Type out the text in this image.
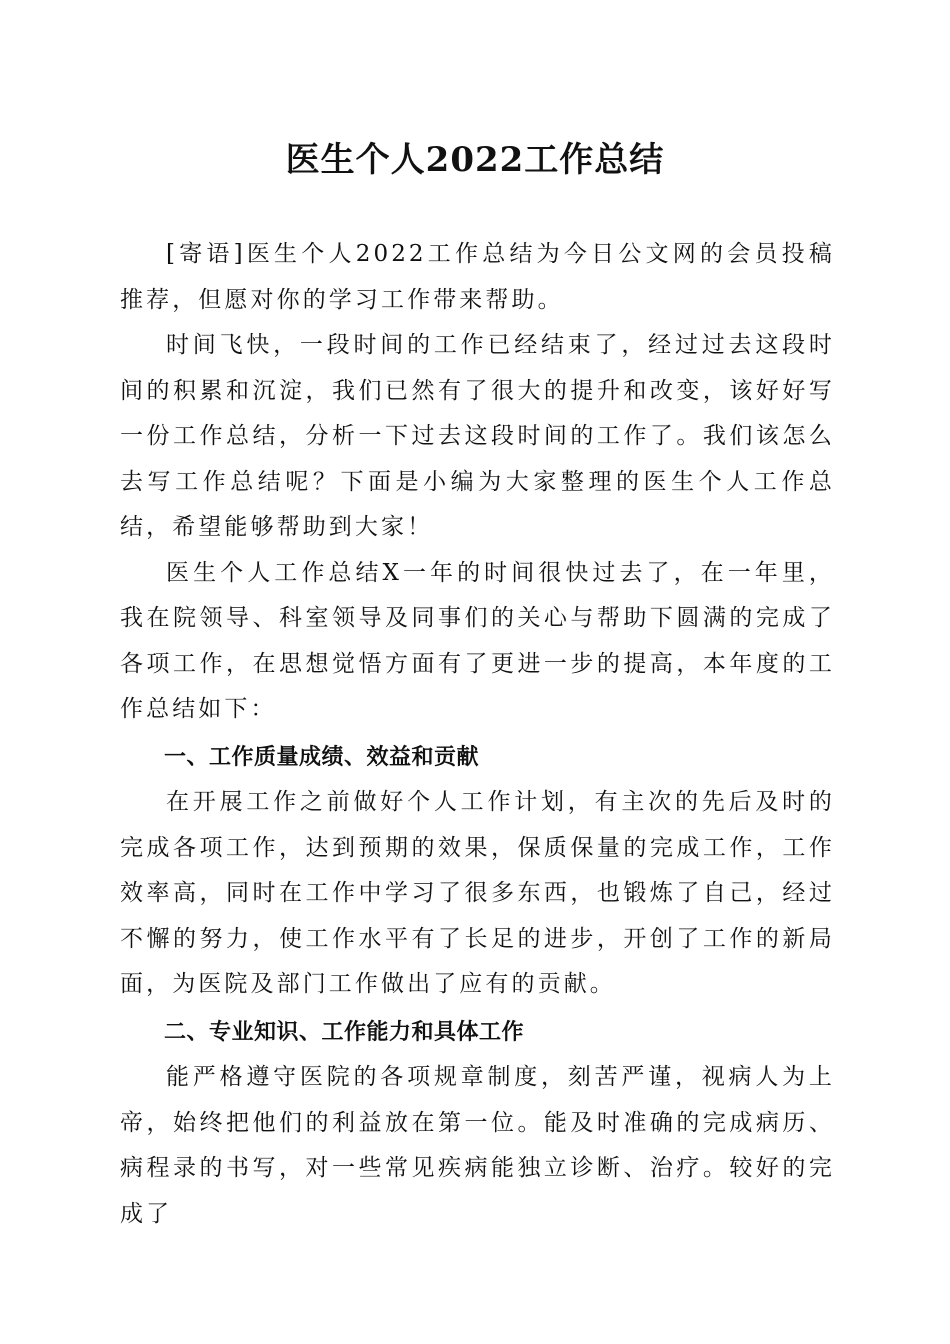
医生个人2022工作总结

[寄语]医生个人2022工作总结为今日公文网的会员投稿推荐，但愿对你的学习工作带来帮助。

时间飞快，一段时间的工作已经结束了，经过过去这段时间的积累和沉淀，我们已然有了很大的提升和改变，该好好写一份工作总结，分析一下过去这段时间的工作了。我们该怎么去写工作总结呢？下面是小编为大家整理的医生个人工作总结，希望能够帮助到大家！

医生个人工作总结X一年的时间很快过去了，在一年里，我在院领导、科室领导及同事们的关心与帮助下圆满的完成了各项工作，在思想觉悟方面有了更进一步的提高，本年度的工作总结如下：

一、工作质量成绩、效益和贡献

在开展工作之前做好个人工作计划，有主次的先后及时的完成各项工作，达到预期的效果，保质保量的完成工作，工作效率高，同时在工作中学习了很多东西，也锻炼了自己，经过不懈的努力，使工作水平有了长足的进步，开创了工作的新局面，为医院及部门工作做出了应有的贡献。

二、专业知识、工作能力和具体工作

能严格遵守医院的各项规章制度，刻苦严谨，视病人为上帝，始终把他们的利益放在第一位。能及时准确的完成病历、病程录的书写，对一些常见疾病能独立诊断、治疗。较好的完成了
